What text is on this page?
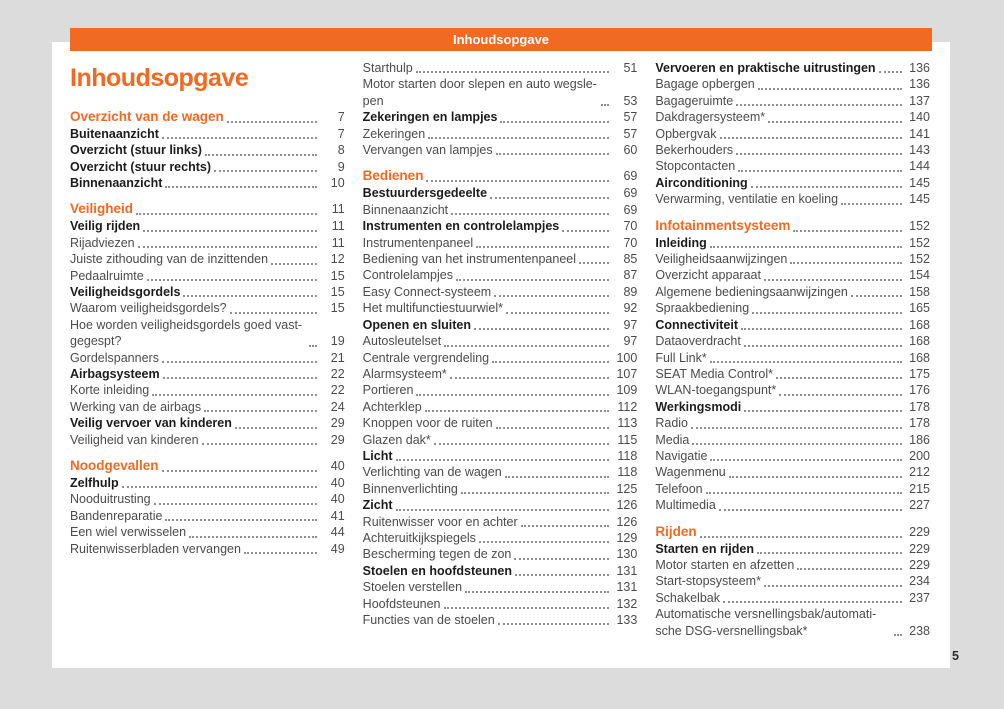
Inhoudsopgave
Overzicht van de wagen	7
Buitenaanzicht	7
Overzicht (stuur links)	8
Overzicht (stuur rechts)	9
Binnenaanzicht	10
Veiligheid	11
Veilig rijden	11
Rijadviezen	11
Juiste zithouding van de inzittenden	12
Pedaalruimte	15
Veiligheidsgordels	15
Waarom veiligheidsgordels?	15
Hoe worden veiligheidsgordels goed vast-gegespt?	19
Gordelspanners	21
Airbagsysteem	22
Korte inleiding	22
Werking van de airbags	24
Veilig vervoer van kinderen	29
Veiligheid van kinderen	29
Noodgevallen	40
Zelfhulp	40
Nooduitrusting	40
Bandenreparatie	41
Een wiel verwisselen	44
Ruitenwisserbladen vervangen	49
Starthulp	51
Motor starten door slepen en auto wegsle-pen	53
Zekeringen en lampjes	57
Zekeringen	57
Vervangen van lampjes	60
Bedienen	69
Bestuurdersgedeelte	69
Binnenaanzicht	69
Instrumenten en controlelampjes	70
Instrumentenpaneel	70
Bediening van het instrumentenpaneel	85
Controlelampjes	87
Easy Connect-systeem	89
Het multifunctiestuurwiel*	92
Openen en sluiten	97
Autosleutelset	97
Centrale vergrendeling	100
Alarmsysteem*	107
Portieren	109
Achterklep	112
Knoppen voor de ruiten	113
Glazen dak*	115
Licht	118
Verlichting van de wagen	118
Binnenverlichting	125
Zicht	126
Ruitenwisser voor en achter	126
Achteruitkijkspiegels	129
Bescherming tegen de zon	130
Stoelen en hoofdsteunen	131
Stoelen verstellen	131
Hoofdsteunen	132
Functies van de stoelen	133
Vervoeren en praktische uitrustingen	136
Bagage opbergen	136
Bagageruimte	137
Dakdragersysteem*	140
Opbergvak	141
Bekerhouders	143
Stopcontacten	144
Airconditioning	145
Verwarming, ventilatie en koeling	145
Infotainmentsysteem	152
Inleiding	152
Veiligheidsaanwijzingen	152
Overzicht apparaat	154
Algemene bedieningsaanwijzingen	158
Spraakbediening	165
Connectiviteit	168
Dataoverdracht	168
Full Link*	168
SEAT Media Control*	175
WLAN-toegangspunt*	176
Werkingsmodi	178
Radio	178
Media	186
Navigatie	200
Wagenmenu	212
Telefoon	215
Multimedia	227
Rijden	229
Starten en rijden	229
Motor starten en afzetten	229
Start-stopsysteem*	234
Schakelbak	237
Automatische versnellingsbak/automati-sche DSG-versnellingsbak*	238
Inhoudsopgave
5
